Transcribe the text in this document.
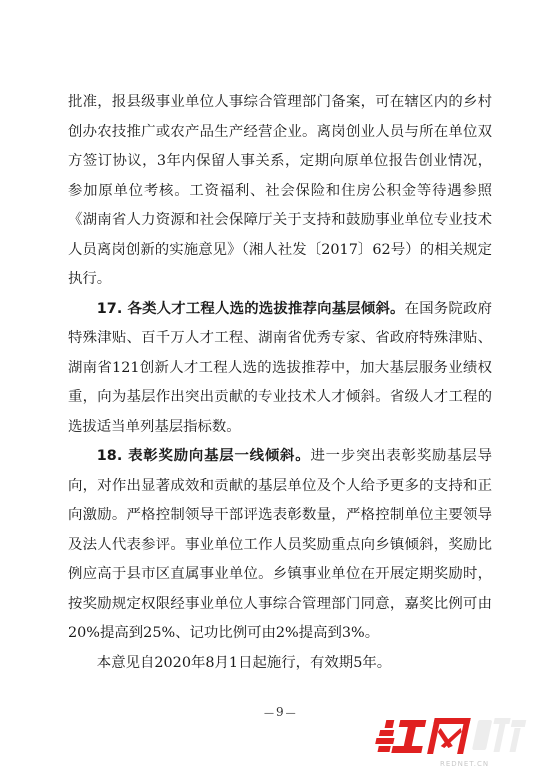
批准，报县级事业单位人事综合管理部门备案，可在辖区内的乡村创办农技推广或农产品生产经营企业。离岗创业人员与所在单位双方签订协议，3年内保留人事关系，定期向原单位报告创业情况，参加原单位考核。工资福利、社会保险和住房公积金等待遇参照《湖南省人力资源和社会保障厅关于支持和鼓励事业单位专业技术人员离岗创新的实施意见》（湘人社发〔2017〕62号）的相关规定执行。

17. 各类人才工程人选的选拔推荐向基层倾斜。在国务院政府特殊津贴、百千万人才工程、湖南省优秀专家、省政府特殊津贴、湖南省121创新人才工程人选的选拔推荐中，加大基层服务业绩权重，向为基层作出突出贡献的专业技术人才倾斜。省级人才工程的选拔适当单列基层指标数。

18. 表彰奖励向基层一线倾斜。进一步突出表彰奖励基层导向，对作出显著成效和贡献的基层单位及个人给予更多的支持和正向激励。严格控制领导干部评选表彰数量，严格控制单位主要领导及法人代表参评。事业单位工作人员奖励重点向乡镇倾斜，奖励比例应高于县市区直属事业单位。乡镇事业单位在开展定期奖励时，按奖励规定权限经事业单位人事综合管理部门同意，嘉奖比例可由20%提高到25%、记功比例可由2%提高到3%。

本意见自2020年8月1日起施行，有效期5年。

— 9 —
REDNET.CN
